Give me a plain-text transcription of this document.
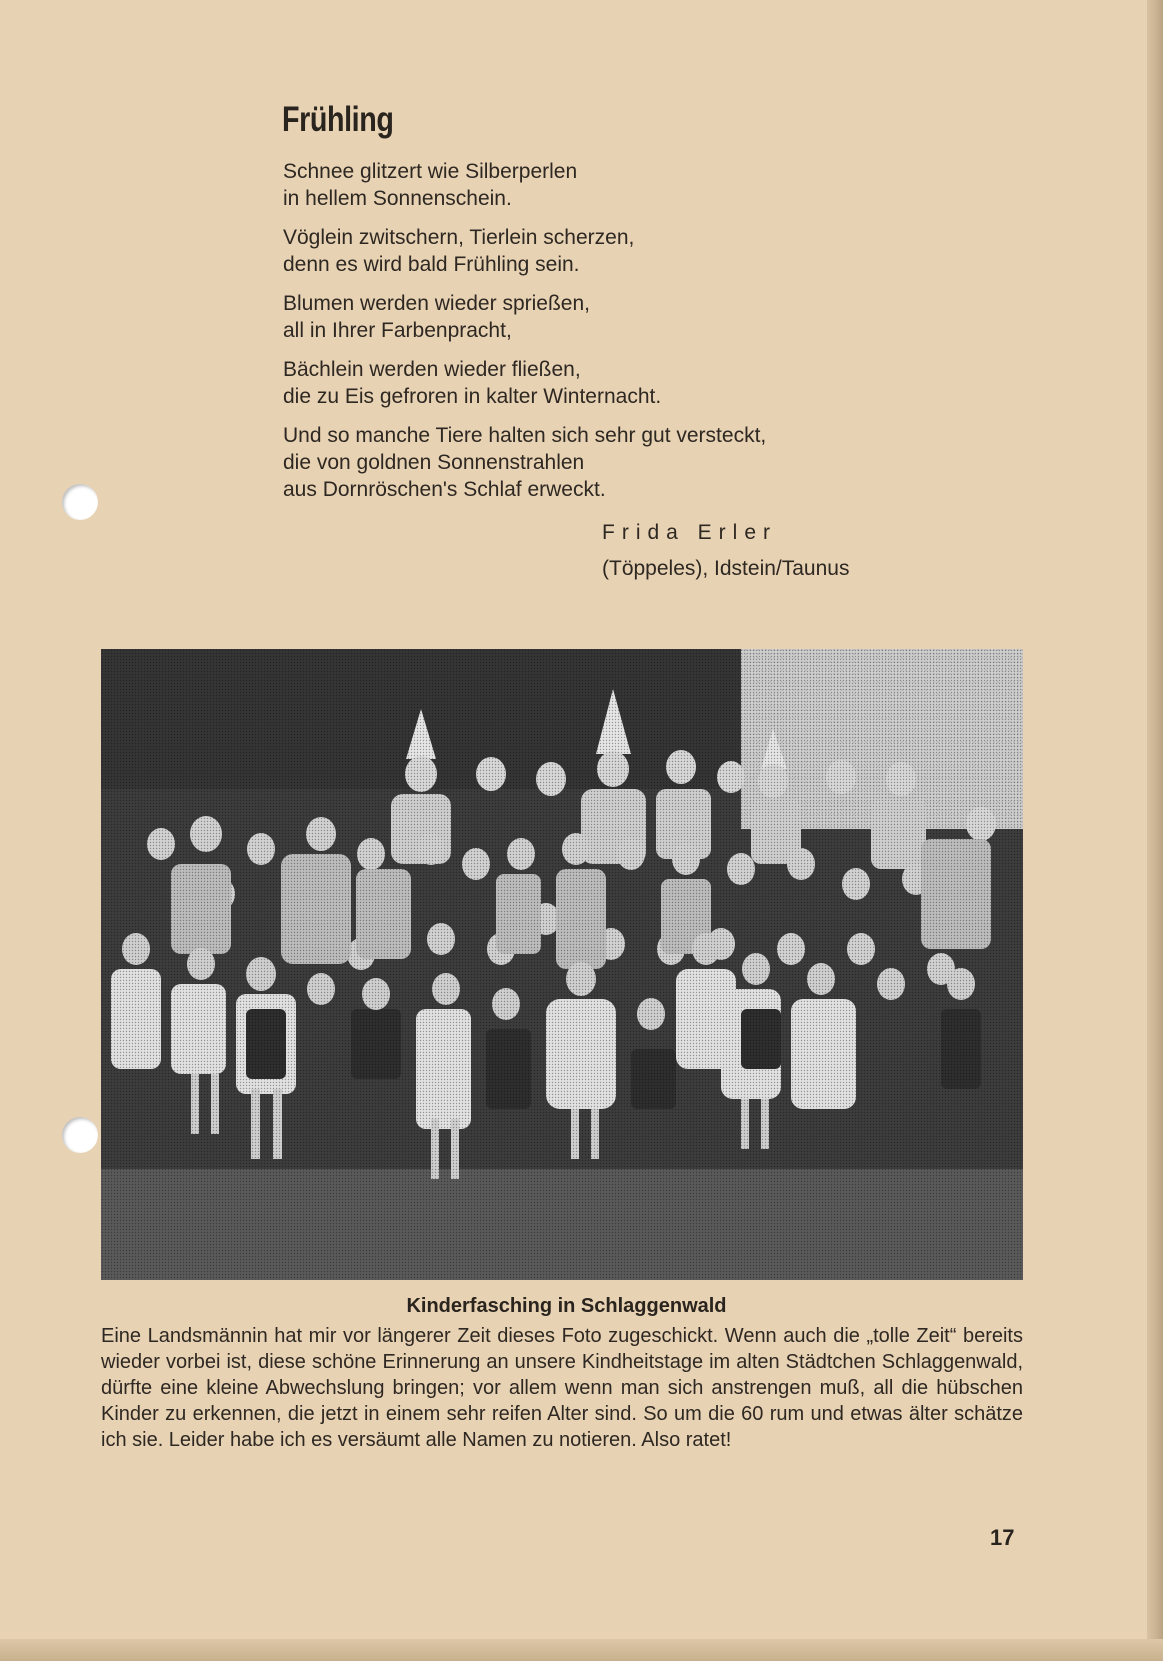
Frühling
Schnee glitzert wie Silberperlen
in hellem Sonnenschein.
Vöglein zwitschern, Tierlein scherzen,
denn es wird bald Frühling sein.
Blumen werden wieder sprießen,
all in Ihrer Farbenpracht,
Bächlein werden wieder fließen,
die zu Eis gefroren in kalter Winternacht.
Und so manche Tiere halten sich sehr gut versteckt,
die von goldnen Sonnenstrahlen
aus Dornröschen's Schlaf erweckt.
Frida Erler
(Töppeles), Idstein/Taunus
Kinderfasching in Schlaggenwald
Eine Landsmännin hat mir vor längerer Zeit dieses Foto zugeschickt. Wenn auch die „tolle Zeit“ bereits wieder vorbei ist, diese schöne Erinnerung an unsere Kindheitstage im alten Städtchen Schlaggenwald, dürfte eine kleine Abwechslung bringen; vor allem wenn man sich anstrengen muß, all die hübschen Kinder zu erkennen, die jetzt in einem sehr reifen Alter sind. So um die 60 rum und etwas älter schätze ich sie. Leider habe ich es versäumt alle Namen zu notieren. Also ratet!
17
